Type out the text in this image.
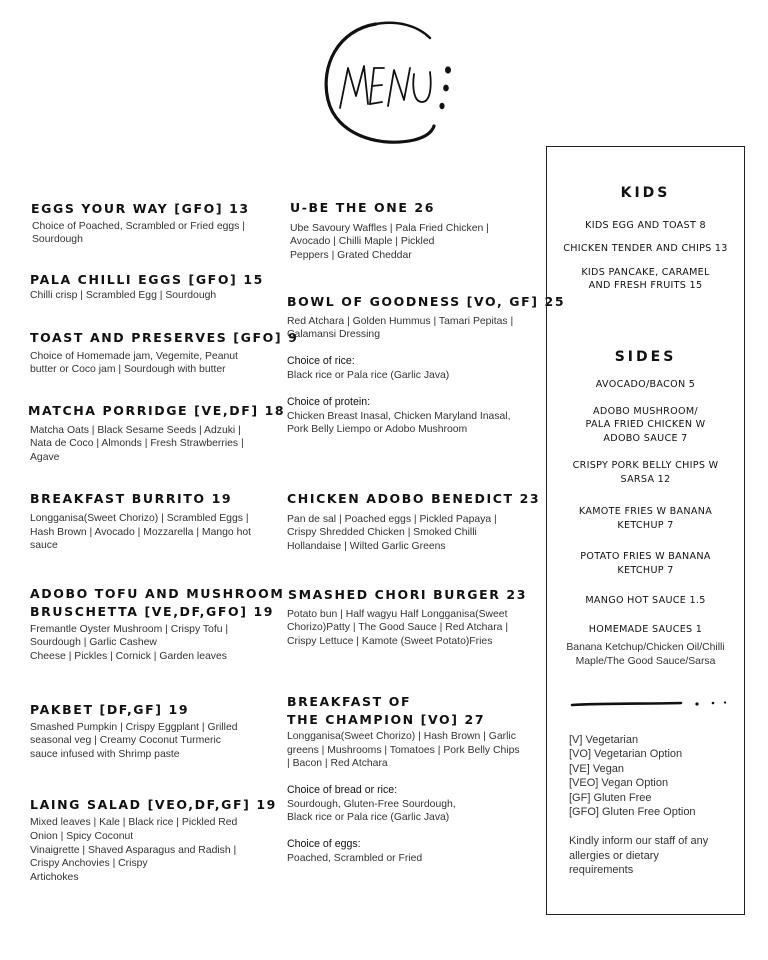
EGGS YOUR WAY [GFO] 13
Choice of Poached, Scrambled or Fried eggs |
Sourdough
PALA CHILLI EGGS [GFO] 15
Chilli crisp | Scrambled Egg | Sourdough
TOAST AND PRESERVES [GFO] 9
Choice of Homemade jam, Vegemite, Peanut
butter or Coco jam | Sourdough with butter
MATCHA PORRIDGE [VE,DF] 18
Matcha Oats | Black Sesame Seeds | Adzuki |
Nata de Coco | Almonds | Fresh Strawberries |
Agave
BREAKFAST BURRITO 19
Longganisa(Sweet Chorizo) | Scrambled Eggs |
Hash Brown | Avocado | Mozzarella | Mango hot
sauce
ADOBO TOFU AND MUSHROOM
BRUSCHETTA [VE,DF,GFO] 19
Fremantle Oyster Mushroom | Crispy Tofu |
Sourdough | Garlic Cashew
Cheese | Pickles | Cornick | Garden leaves
PAKBET [DF,GF] 19
Smashed Pumpkin | Crispy Eggplant | Grilled
seasonal veg | Creamy Coconut Turmeric
sauce infused with Shrimp paste
LAING SALAD [VEO,DF,GF] 19
Mixed leaves | Kale | Black rice | Pickled Red
Onion | Spicy Coconut
Vinaigrette | Shaved Asparagus and Radish |
Crispy Anchovies | Crispy
Artichokes
U-BE THE ONE 26
Ube Savoury Waffles | Pala Fried Chicken |
Avocado | Chilli Maple | Pickled
Peppers | Grated Cheddar
BOWL OF GOODNESS [VO, GF] 25
Red Atchara | Golden Hummus | Tamari Pepitas |
Calamansi Dressing
Choice of rice:
Black rice or Pala rice (Garlic Java)
Choice of protein:
Chicken Breast Inasal, Chicken Maryland Inasal,
Pork Belly Liempo or Adobo Mushroom
CHICKEN ADOBO BENEDICT 23
Pan de sal | Poached eggs | Pickled Papaya |
Crispy Shredded Chicken | Smoked Chilli
Hollandaise | Wilted Garlic Greens
SMASHED CHORI BURGER 23
Potato bun | Half wagyu Half Longganisa(Sweet
Chorizo)Patty | The Good Sauce | Red Atchara |
Crispy Lettuce | Kamote (Sweet Potato)Fries
BREAKFAST OF
THE CHAMPION [VO] 27
Longganisa(Sweet Chorizo) | Hash Brown | Garlic
greens | Mushrooms | Tomatoes | Pork Belly Chips
| Bacon | Red Atchara
Choice of bread or rice:
Sourdough, Gluten-Free Sourdough,
Black rice or Pala rice (Garlic Java)
Choice of eggs:
Poached, Scrambled or Fried
KIDS
KIDS EGG AND TOAST 8
CHICKEN TENDER AND CHIPS 13
KIDS PANCAKE, CARAMEL
AND FRESH FRUITS 15
SIDES
AVOCADO/BACON 5
ADOBO MUSHROOM/
PALA FRIED CHICKEN W
ADOBO SAUCE 7
CRISPY PORK BELLY CHIPS W
SARSA 12
KAMOTE FRIES W BANANA
KETCHUP 7
POTATO FRIES W BANANA
KETCHUP 7
MANGO HOT SAUCE 1.5
HOMEMADE SAUCES 1
Banana Ketchup/Chicken Oil/Chilli
Maple/The Good Sauce/Sarsa
[V] Vegetarian
[VO] Vegetarian Option
[VE] Vegan
[VEO] Vegan Option
[GF] Gluten Free
[GFO] Gluten Free Option
Kindly inform our staff of any
allergies or dietary
requirements
